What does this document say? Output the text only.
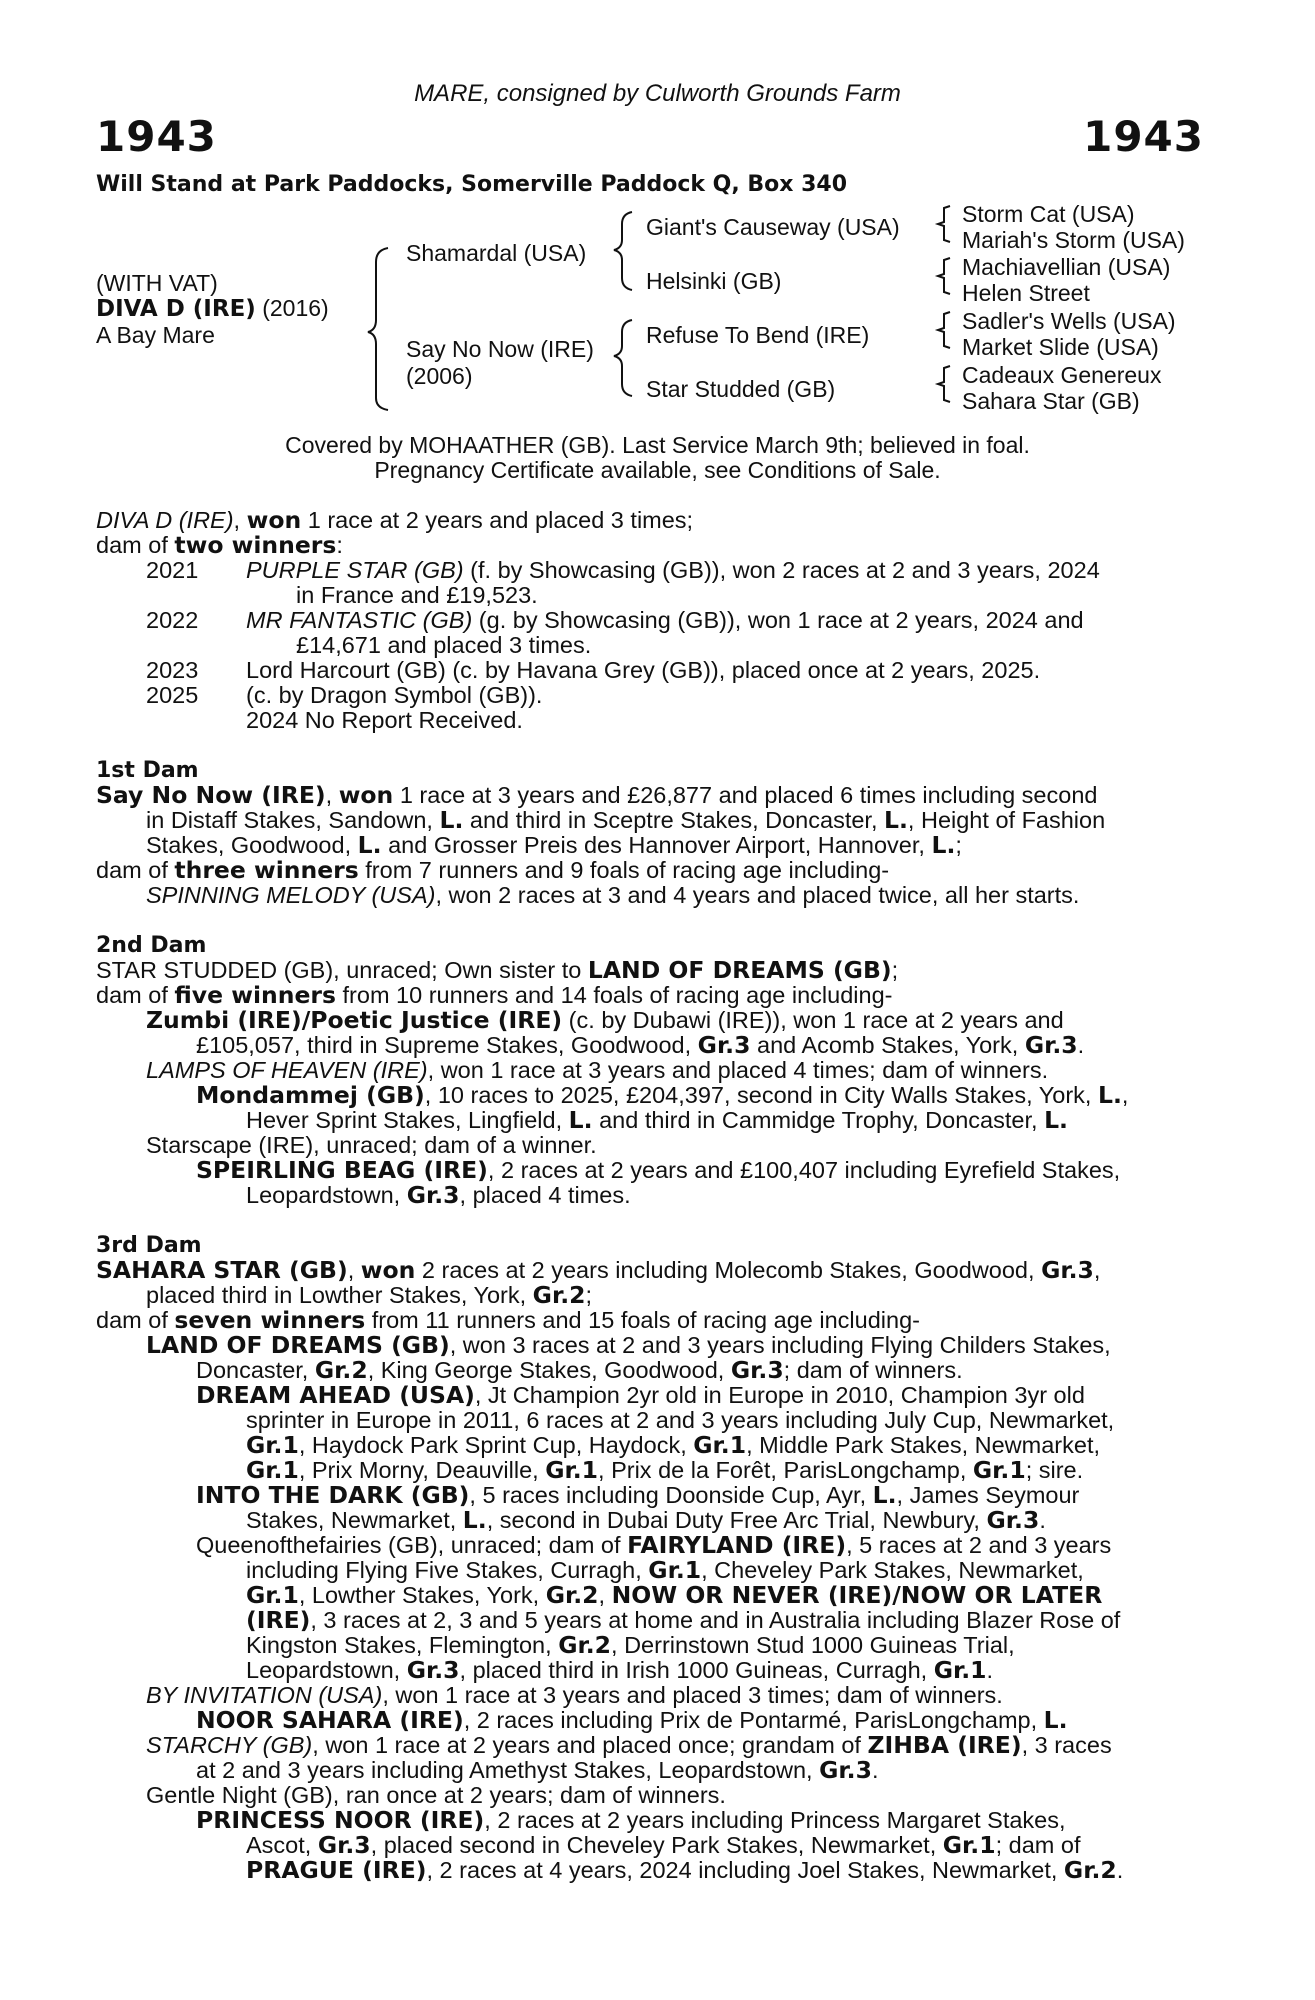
1943	1943
MARE, consigned by Culworth Grounds Farm
Will Stand at Park Paddocks, Somerville Paddock Q, Box 340
(WITH VAT)
DIVA D (IRE) (2016)
A Bay Mare
Shamardal (USA)
Say No Now (IRE)
(2006)
Giant's Causeway (USA)
Helsinki (GB)
Refuse To Bend (IRE)
Star Studded (GB)
Storm Cat (USA)
Mariah's Storm (USA)
Machiavellian (USA)
Helen Street
Sadler's Wells (USA)
Market Slide (USA)
Cadeaux Genereux
Sahara Star (GB)
Covered by MOHAATHER (GB). Last Service March 9th; believed in foal.
Pregnancy Certificate available, see Conditions of Sale.
DIVA D (IRE), won 1 race at 2 years and placed 3 times;
dam of two winners:
2021 PURPLE STAR (GB) (f. by Showcasing (GB)), won 2 races at 2 and 3 years, 2024
in France and £19,523.
2022 MR FANTASTIC (GB) (g. by Showcasing (GB)), won 1 race at 2 years, 2024 and
£14,671 and placed 3 times.
2023 Lord Harcourt (GB) (c. by Havana Grey (GB)), placed once at 2 years, 2025.
2025 (c. by Dragon Symbol (GB)).
2024 No Report Received.
1st Dam
Say No Now (IRE), won 1 race at 3 years and £26,877 and placed 6 times including second
in Distaff Stakes, Sandown, L. and third in Sceptre Stakes, Doncaster, L., Height of Fashion
Stakes, Goodwood, L. and Grosser Preis des Hannover Airport, Hannover, L.;
dam of three winners from 7 runners and 9 foals of racing age including-
SPINNING MELODY (USA), won 2 races at 3 and 4 years and placed twice, all her starts.
2nd Dam
STAR STUDDED (GB), unraced; Own sister to LAND OF DREAMS (GB);
dam of five winners from 10 runners and 14 foals of racing age including-
Zumbi (IRE)/Poetic Justice (IRE) (c. by Dubawi (IRE)), won 1 race at 2 years and
£105,057, third in Supreme Stakes, Goodwood, Gr.3 and Acomb Stakes, York, Gr.3.
LAMPS OF HEAVEN (IRE), won 1 race at 3 years and placed 4 times; dam of winners.
Mondammej (GB), 10 races to 2025, £204,397, second in City Walls Stakes, York, L.,
Hever Sprint Stakes, Lingfield, L. and third in Cammidge Trophy, Doncaster, L.
Starscape (IRE), unraced; dam of a winner.
SPEIRLING BEAG (IRE), 2 races at 2 years and £100,407 including Eyrefield Stakes,
Leopardstown, Gr.3, placed 4 times.
3rd Dam
SAHARA STAR (GB), won 2 races at 2 years including Molecomb Stakes, Goodwood, Gr.3,
placed third in Lowther Stakes, York, Gr.2;
dam of seven winners from 11 runners and 15 foals of racing age including-
LAND OF DREAMS (GB), won 3 races at 2 and 3 years including Flying Childers Stakes,
Doncaster, Gr.2, King George Stakes, Goodwood, Gr.3; dam of winners.
DREAM AHEAD (USA), Jt Champion 2yr old in Europe in 2010, Champion 3yr old
sprinter in Europe in 2011, 6 races at 2 and 3 years including July Cup, Newmarket,
Gr.1, Haydock Park Sprint Cup, Haydock, Gr.1, Middle Park Stakes, Newmarket,
Gr.1, Prix Morny, Deauville, Gr.1, Prix de la Forêt, ParisLongchamp, Gr.1; sire.
INTO THE DARK (GB), 5 races including Doonside Cup, Ayr, L., James Seymour
Stakes, Newmarket, L., second in Dubai Duty Free Arc Trial, Newbury, Gr.3.
Queenofthefairies (GB), unraced; dam of FAIRYLAND (IRE), 5 races at 2 and 3 years
including Flying Five Stakes, Curragh, Gr.1, Cheveley Park Stakes, Newmarket,
Gr.1, Lowther Stakes, York, Gr.2, NOW OR NEVER (IRE)/NOW OR LATER
(IRE), 3 races at 2, 3 and 5 years at home and in Australia including Blazer Rose of
Kingston Stakes, Flemington, Gr.2, Derrinstown Stud 1000 Guineas Trial,
Leopardstown, Gr.3, placed third in Irish 1000 Guineas, Curragh, Gr.1.
BY INVITATION (USA), won 1 race at 3 years and placed 3 times; dam of winners.
NOOR SAHARA (IRE), 2 races including Prix de Pontarmé, ParisLongchamp, L.
STARCHY (GB), won 1 race at 2 years and placed once; grandam of ZIHBA (IRE), 3 races
at 2 and 3 years including Amethyst Stakes, Leopardstown, Gr.3.
Gentle Night (GB), ran once at 2 years; dam of winners.
PRINCESS NOOR (IRE), 2 races at 2 years including Princess Margaret Stakes,
Ascot, Gr.3, placed second in Cheveley Park Stakes, Newmarket, Gr.1; dam of
PRAGUE (IRE), 2 races at 4 years, 2024 including Joel Stakes, Newmarket, Gr.2.
